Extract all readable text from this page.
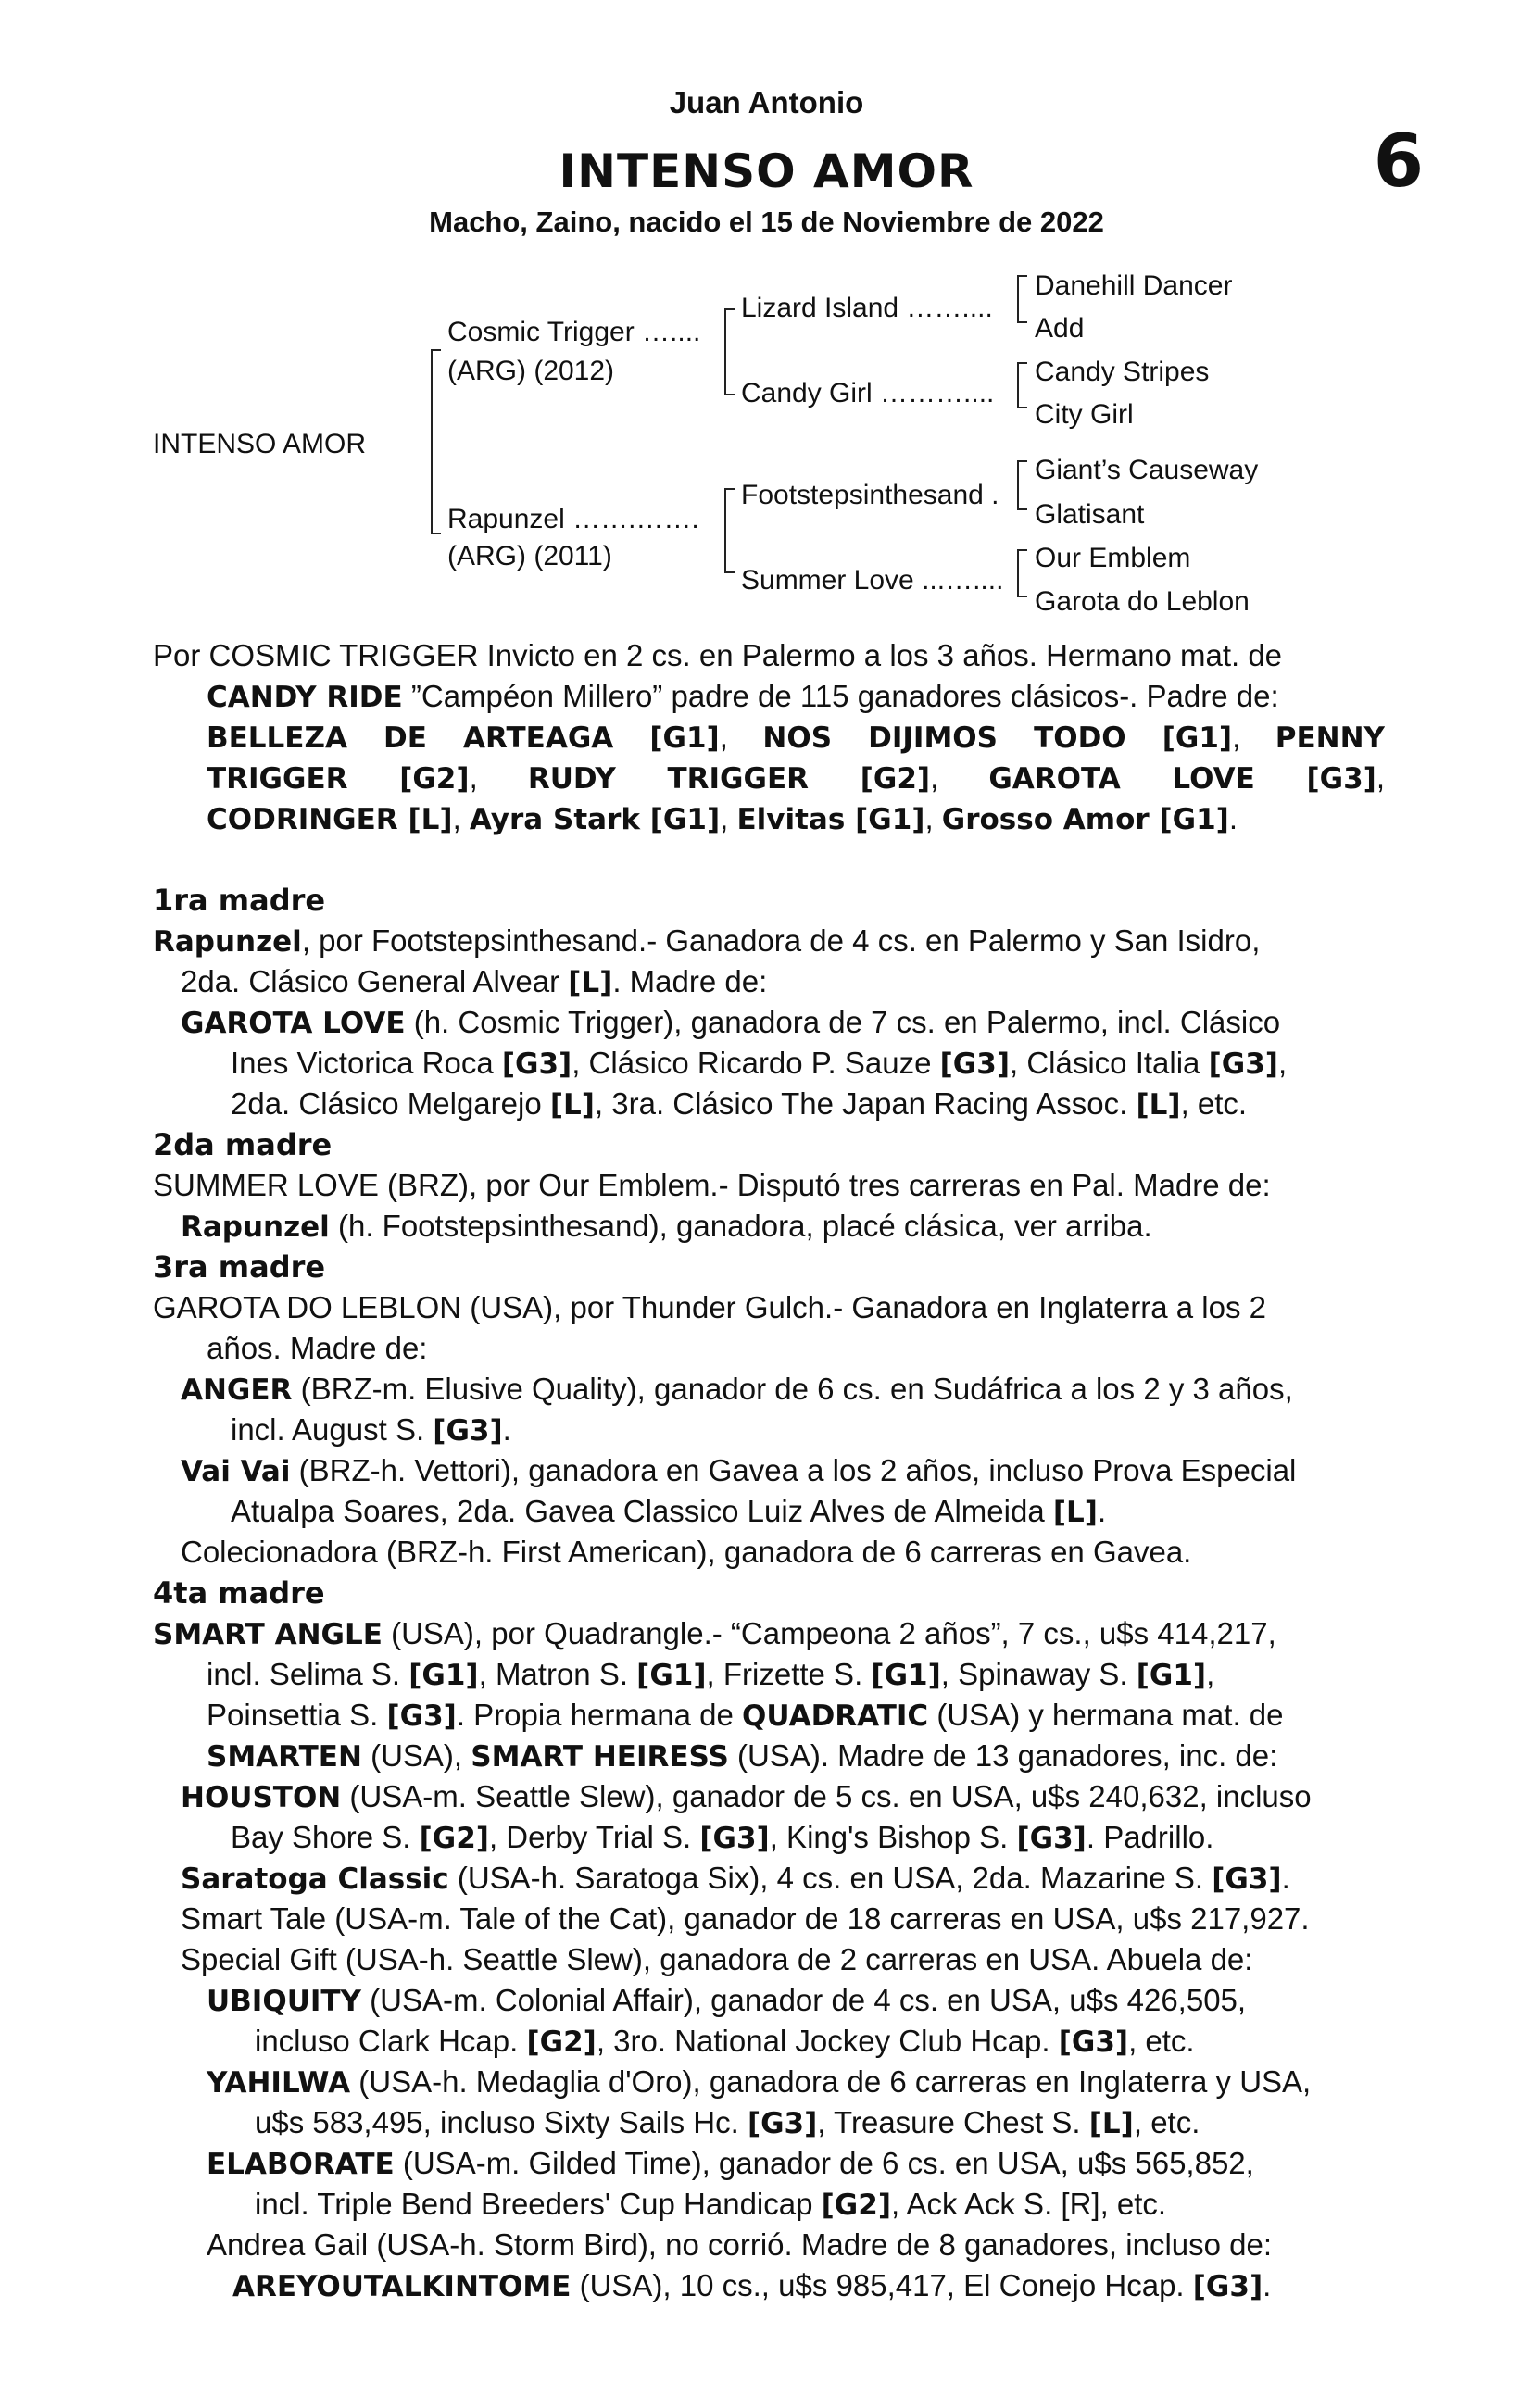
Juan Antonio
INTENSO AMOR	6
Macho, Zaino, nacido el 15 de Noviembre de 2022
INTENSO AMOR
Cosmic Trigger …....
(ARG) (2012)
Rapunzel …….…….
(ARG) (2011)
Lizard Island ……....
Candy Girl ………....
Footstepsinthesand .
Summer Love ...…....
Danehill Dancer
Add
Candy Stripes
City Girl
Giant’s Causeway
Glatisant
Our Emblem
Garota do Leblon
Por COSMIC TRIGGER Invicto en 2 cs. en Palermo a los 3 años. Hermano mat. de
CANDY RIDE ”Campéon Millero” padre de 115 ganadores clásicos-. Padre de:
BELLEZA DE ARTEAGA [G1], NOS DIJIMOS TODO [G1], PENNY
TRIGGER [G2], RUDY TRIGGER [G2], GAROTA LOVE [G3],
CODRINGER [L], Ayra Stark [G1], Elvitas [G1], Grosso Amor [G1].
1ra madre
Rapunzel, por Footstepsinthesand.- Ganadora de 4 cs. en Palermo y San Isidro,
2da. Clásico General Alvear [L]. Madre de:
GAROTA LOVE (h. Cosmic Trigger), ganadora de 7 cs. en Palermo, incl. Clásico
Ines Victorica Roca [G3], Clásico Ricardo P. Sauze [G3], Clásico Italia [G3],
2da. Clásico Melgarejo [L], 3ra. Clásico The Japan Racing Assoc. [L], etc.
2da madre
SUMMER LOVE (BRZ), por Our Emblem.- Disputó tres carreras en Pal. Madre de:
Rapunzel (h. Footstepsinthesand), ganadora, placé clásica, ver arriba.
3ra madre
GAROTA DO LEBLON (USA), por Thunder Gulch.- Ganadora en Inglaterra a los 2
años. Madre de:
ANGER (BRZ-m. Elusive Quality), ganador de 6 cs. en Sudáfrica a los 2 y 3 años,
incl. August S. [G3].
Vai Vai (BRZ-h. Vettori), ganadora en Gavea a los 2 años, incluso Prova Especial
Atualpa Soares, 2da. Gavea Classico Luiz Alves de Almeida [L].
Colecionadora (BRZ-h. First American), ganadora de 6 carreras en Gavea.
4ta madre
SMART ANGLE (USA), por Quadrangle.- “Campeona 2 años”, 7 cs., u$s 414,217,
incl. Selima S. [G1], Matron S. [G1], Frizette S. [G1], Spinaway S. [G1],
Poinsettia S. [G3]. Propia hermana de QUADRATIC (USA) y hermana mat. de
SMARTEN (USA), SMART HEIRESS (USA). Madre de 13 ganadores, inc. de:
HOUSTON (USA-m. Seattle Slew), ganador de 5 cs. en USA, u$s 240,632, incluso
Bay Shore S. [G2], Derby Trial S. [G3], King's Bishop S. [G3]. Padrillo.
Saratoga Classic (USA-h. Saratoga Six), 4 cs. en USA, 2da. Mazarine S. [G3].
Smart Tale (USA-m. Tale of the Cat), ganador de 18 carreras en USA, u$s 217,927.
Special Gift (USA-h. Seattle Slew), ganadora de 2 carreras en USA. Abuela de:
UBIQUITY (USA-m. Colonial Affair), ganador de 4 cs. en USA, u$s 426,505,
incluso Clark Hcap. [G2], 3ro. National Jockey Club Hcap. [G3], etc.
YAHILWA (USA-h. Medaglia d'Oro), ganadora de 6 carreras en Inglaterra y USA,
u$s 583,495, incluso Sixty Sails Hc. [G3], Treasure Chest S. [L], etc.
ELABORATE (USA-m. Gilded Time), ganador de 6 cs. en USA, u$s 565,852,
incl. Triple Bend Breeders' Cup Handicap [G2], Ack Ack S. [R], etc.
Andrea Gail (USA-h. Storm Bird), no corrió. Madre de 8 ganadores, incluso de:
AREYOUTALKINTOME (USA), 10 cs., u$s 985,417, El Conejo Hcap. [G3].
